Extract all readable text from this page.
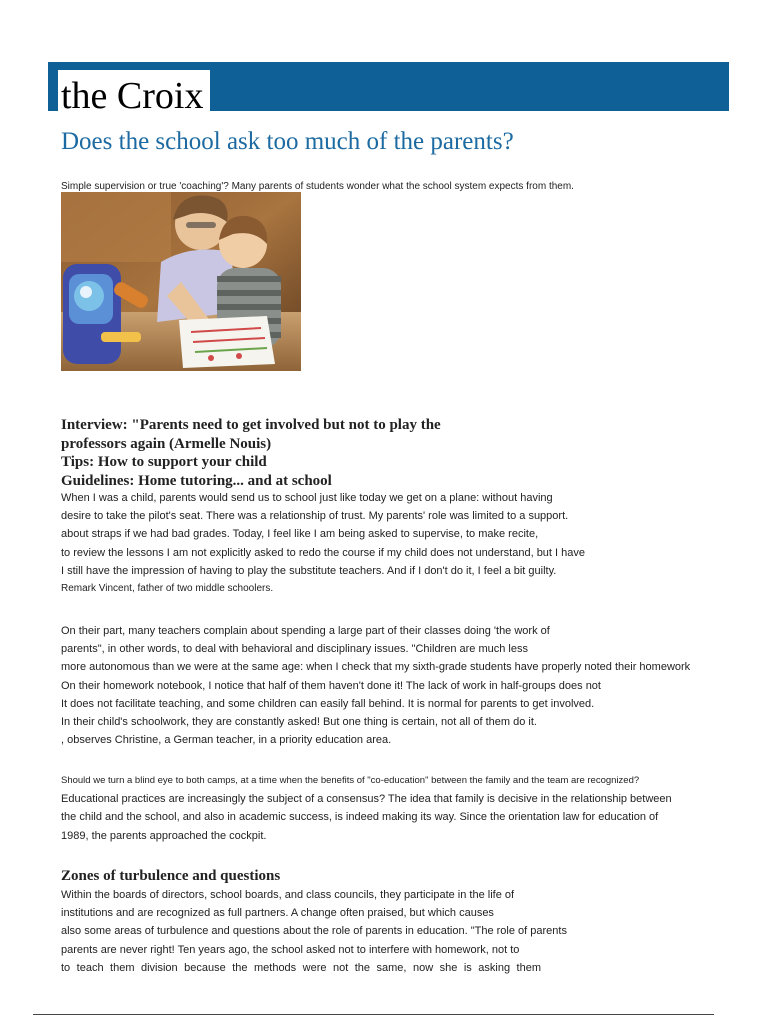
the Croix
Does the school ask too much of the parents?

Simple supervision or true 'coaching'? Many parents of students wonder what the school system expects from them.

Interview: "Parents need to get involved but not to play the
professors again (Armelle Nouis)
Tips: How to support your child
Guidelines: Home tutoring... and at school
When I was a child, parents would send us to school just like today we get on a plane: without having
desire to take the pilot's seat. There was a relationship of trust. My parents' role was limited to a support.
about straps if we had bad grades. Today, I feel like I am being asked to supervise, to make recite,
to review the lessons I am not explicitly asked to redo the course if my child does not understand, but I have
I still have the impression of having to play the substitute teachers. And if I don't do it, I feel a bit guilty.
Remark Vincent, father of two middle schoolers.
On their part, many teachers complain about spending a large part of their classes doing 'the work of
parents", in other words, to deal with behavioral and disciplinary issues. "Children are much less
more autonomous than we were at the same age: when I check that my sixth-grade students have properly noted their homework
On their homework notebook, I notice that half of them haven't done it! The lack of work in half-groups does not
It does not facilitate teaching, and some children can easily fall behind. It is normal for parents to get involved.
In their child's schoolwork, they are constantly asked! But one thing is certain, not all of them do it.
, observes Christine, a German teacher, in a priority education area.
Should we turn a blind eye to both camps, at a time when the benefits of "co-education" between the family and the team are recognized?
Educational practices are increasingly the subject of a consensus? The idea that family is decisive in the relationship between
the child and the school, and also in academic success, is indeed making its way. Since the orientation law for education of
1989, the parents approached the cockpit.
Zones of turbulence and questions
Within the boards of directors, school boards, and class councils, they participate in the life of
institutions and are recognized as full partners. A change often praised, but which causes
also some areas of turbulence and questions about the role of parents in education. "The role of parents
parents are never right! Ten years ago, the school asked not to interfere with homework, not to
to teach them division because the methods were not the same, now she is asking them
